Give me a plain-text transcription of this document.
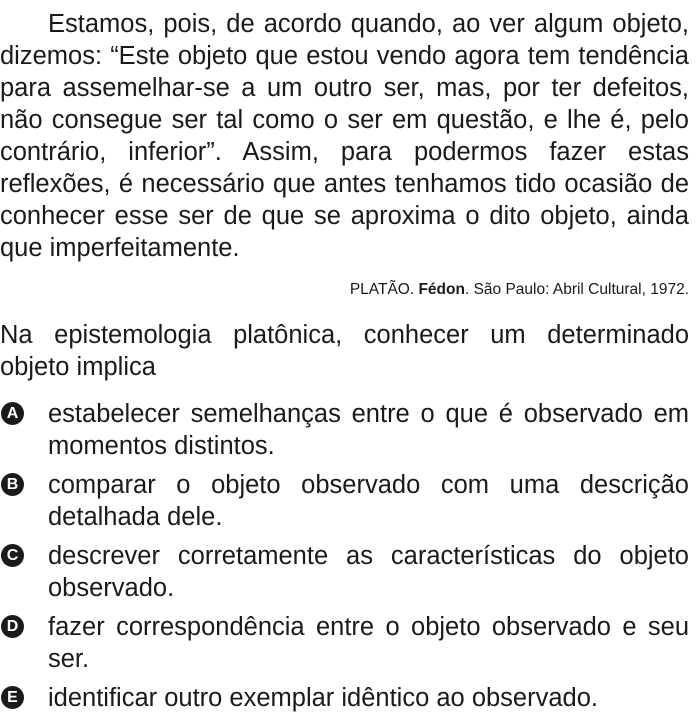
Estamos, pois, de acordo quando, ao ver algum objeto, dizemos: “Este objeto que estou vendo agora tem tendência para assemelhar-se a um outro ser, mas, por ter defeitos, não consegue ser tal como o ser em questão, e lhe é, pelo contrário, inferior”. Assim, para podermos fazer estas reflexões, é necessário que antes tenhamos tido ocasião de conhecer esse ser de que se aproxima o dito objeto, ainda que imperfeitamente.

PLATÃO. Fédon. São Paulo: Abril Cultural, 1972.

Na epistemologia platônica, conhecer um determinado objeto implica

A estabelecer semelhanças entre o que é observado em momentos distintos.
B comparar o objeto observado com uma descrição detalhada dele.
C descrever corretamente as características do objeto observado.
D fazer correspondência entre o objeto observado e seu ser.
E identificar outro exemplar idêntico ao observado.
